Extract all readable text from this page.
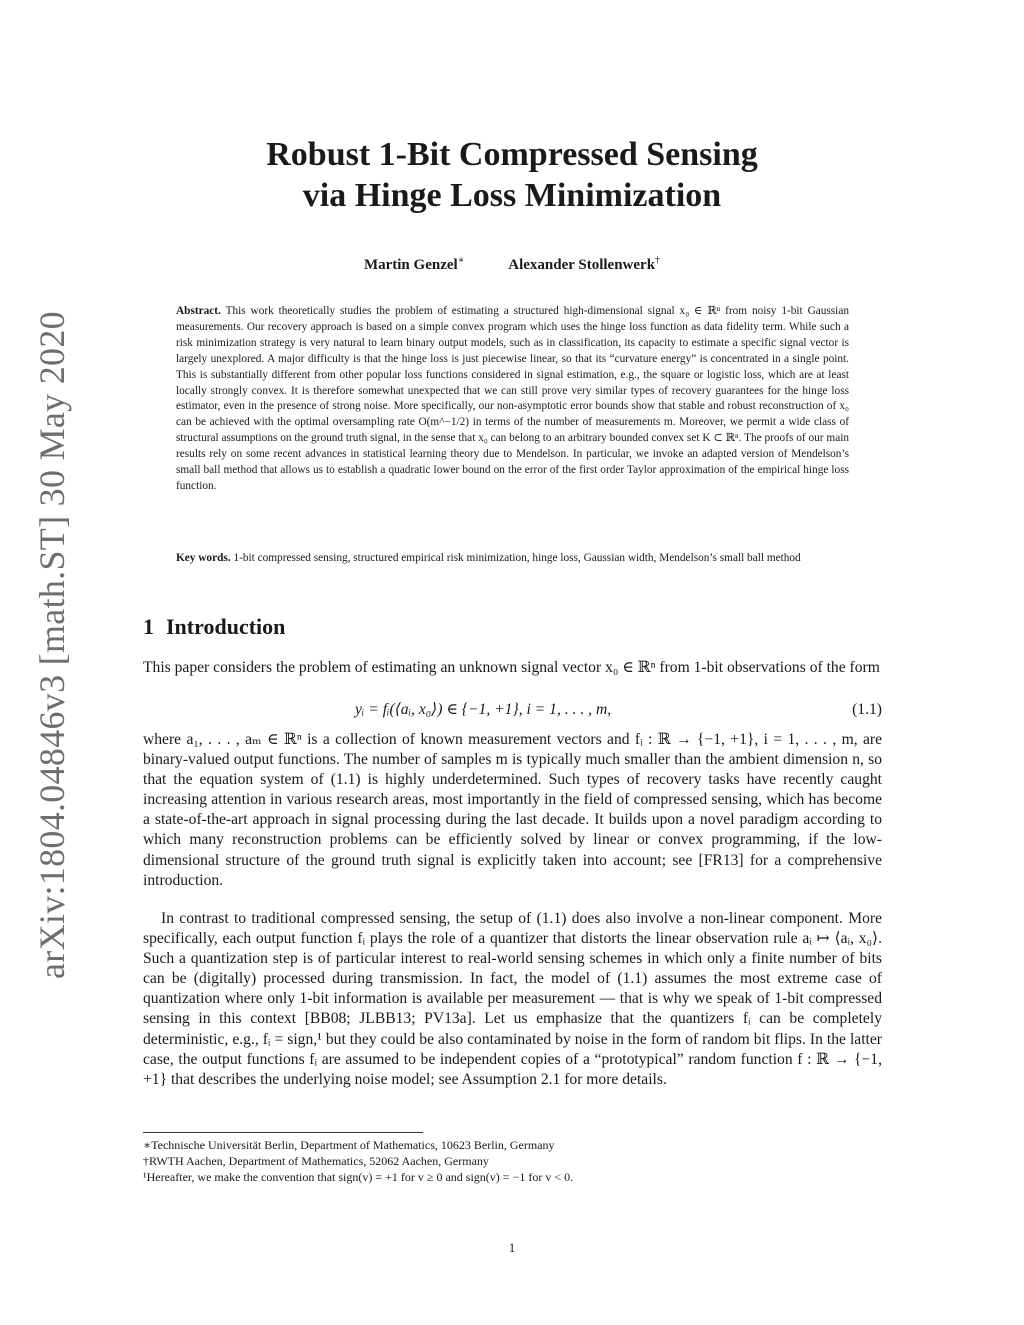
arXiv:1804.04846v3 [math.ST] 30 May 2020
Robust 1-Bit Compressed Sensing
via Hinge Loss Minimization
Martin Genzel∗	Alexander Stollenwerk†
Abstract. This work theoretically studies the problem of estimating a structured high-dimensional signal x₀ ∈ ℝⁿ from noisy 1-bit Gaussian measurements. Our recovery approach is based on a simple convex program which uses the hinge loss function as data fidelity term. While such a risk minimization strategy is very natural to learn binary output models, such as in classification, its capacity to estimate a specific signal vector is largely unexplored. A major difficulty is that the hinge loss is just piecewise linear, so that its “curvature energy” is concentrated in a single point. This is substantially different from other popular loss functions considered in signal estimation, e.g., the square or logistic loss, which are at least locally strongly convex. It is therefore somewhat unexpected that we can still prove very similar types of recovery guarantees for the hinge loss estimator, even in the presence of strong noise. More specifically, our non-asymptotic error bounds show that stable and robust reconstruction of x₀ can be achieved with the optimal oversampling rate O(m^−1/2) in terms of the number of measurements m. Moreover, we permit a wide class of structural assumptions on the ground truth signal, in the sense that x₀ can belong to an arbitrary bounded convex set K ⊂ ℝⁿ. The proofs of our main results rely on some recent advances in statistical learning theory due to Mendelson. In particular, we invoke an adapted version of Mendelson’s small ball method that allows us to establish a quadratic lower bound on the error of the first order Taylor approximation of the empirical hinge loss function.
Key words. 1-bit compressed sensing, structured empirical risk minimization, hinge loss, Gaussian width, Mendelson’s small ball method
1 Introduction
This paper considers the problem of estimating an unknown signal vector x₀ ∈ ℝⁿ from 1-bit observations of the form
yᵢ = fᵢ(⟨aᵢ, x₀⟩) ∈ {−1, +1}, i = 1, . . . , m,	(1.1)
where a₁, . . . , aₘ ∈ ℝⁿ is a collection of known measurement vectors and fᵢ : ℝ → {−1, +1}, i = 1, . . . , m, are binary-valued output functions. The number of samples m is typically much smaller than the ambient dimension n, so that the equation system of (1.1) is highly underdetermined. Such types of recovery tasks have recently caught increasing attention in various research areas, most importantly in the field of compressed sensing, which has become a state-of-the-art approach in signal processing during the last decade. It builds upon a novel paradigm according to which many reconstruction problems can be efficiently solved by linear or convex programming, if the low-dimensional structure of the ground truth signal is explicitly taken into account; see [FR13] for a comprehensive introduction.
In contrast to traditional compressed sensing, the setup of (1.1) does also involve a non-linear component. More specifically, each output function fᵢ plays the role of a quantizer that distorts the linear observation rule aᵢ ↦ ⟨aᵢ, x₀⟩. Such a quantization step is of particular interest to real-world sensing schemes in which only a finite number of bits can be (digitally) processed during transmission. In fact, the model of (1.1) assumes the most extreme case of quantization where only 1-bit information is available per measurement — that is why we speak of 1-bit compressed sensing in this context [BB08; JLBB13; PV13a]. Let us emphasize that the quantizers fᵢ can be completely deterministic, e.g., fᵢ = sign,¹ but they could be also contaminated by noise in the form of random bit flips. In the latter case, the output functions fᵢ are assumed to be independent copies of a “prototypical” random function f : ℝ → {−1, +1} that describes the underlying noise model; see Assumption 2.1 for more details.
∗Technische Universität Berlin, Department of Mathematics, 10623 Berlin, Germany
†RWTH Aachen, Department of Mathematics, 52062 Aachen, Germany
¹Hereafter, we make the convention that sign(v) = +1 for v ≥ 0 and sign(v) = −1 for v < 0.
1
